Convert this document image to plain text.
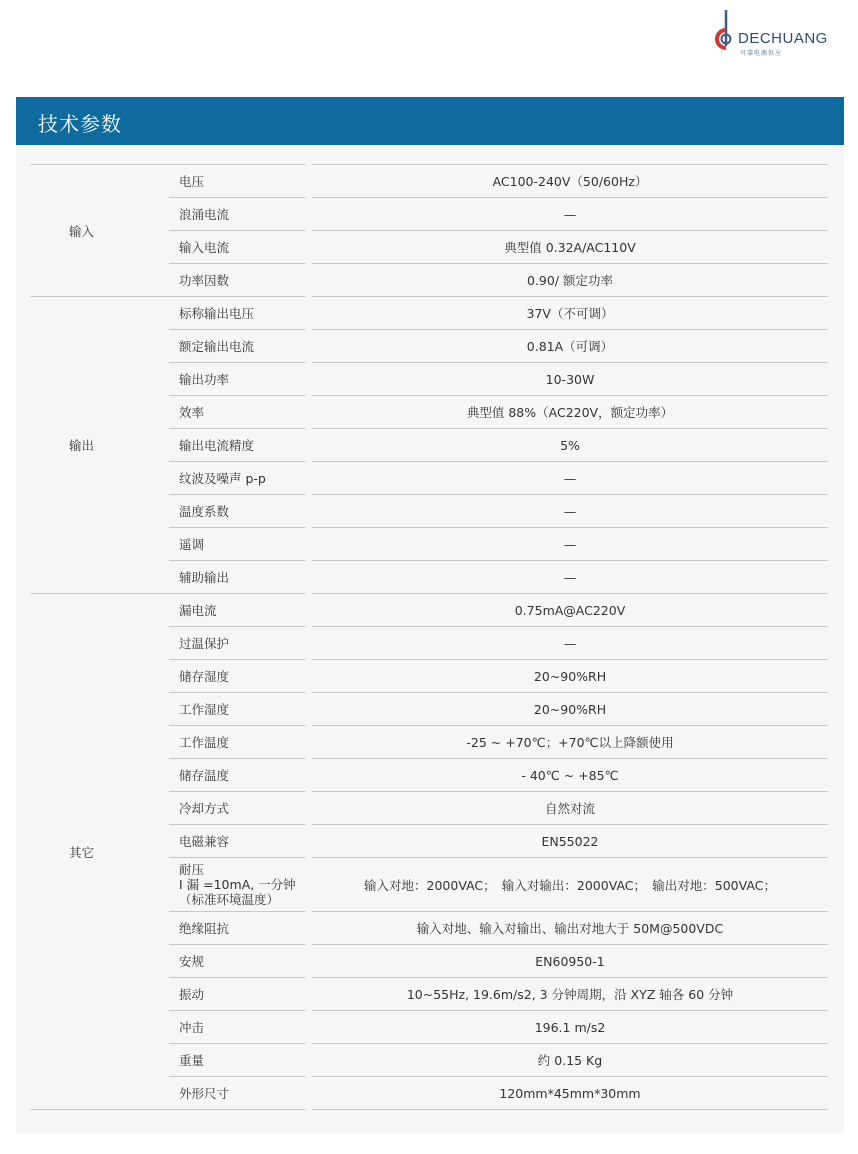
DECHUANG
可靠电源供应
技术参数
输入	电压		AC100-240V（50/60Hz）
	浪涌电流		—
	输入电流		典型值 0.32A/AC110V
	功率因数		0.90/ 额定功率
输出	标称输出电压		37V（不可调）
	额定输出电流		0.81A（可调）
	输出功率		10-30W
	效率		典型值 88%（AC220V，额定功率）
	输出电流精度		5%
	纹波及噪声 p-p		—
	温度系数		—
	遥调		—
	辅助输出		—
其它	漏电流		0.75mA@AC220V
	过温保护		—
	储存湿度		20~90%RH
	工作湿度		20~90%RH
	工作温度		-25 ~ +70℃；+70℃以上降额使用
	储存温度		- 40℃ ~ +85℃
	冷却方式		自然对流
	电磁兼容		EN55022

	耐压
I 漏 =10mA, 一分钟
（标准环境温度）		输入对地：2000VAC；　输入对输出：2000VAC；　输出对地：500VAC；
	绝缘阻抗		输入对地、输入对输出、输出对地大于 50M@500VDC
	安规		EN60950-1
	振动		10~55Hz, 19.6m/s2, 3 分钟周期，沿 XYZ 轴各 60 分钟
	冲击		196.1 m/s2
	重量		约 0.15 Kg
	外形尺寸		120mm*45mm*30mm
